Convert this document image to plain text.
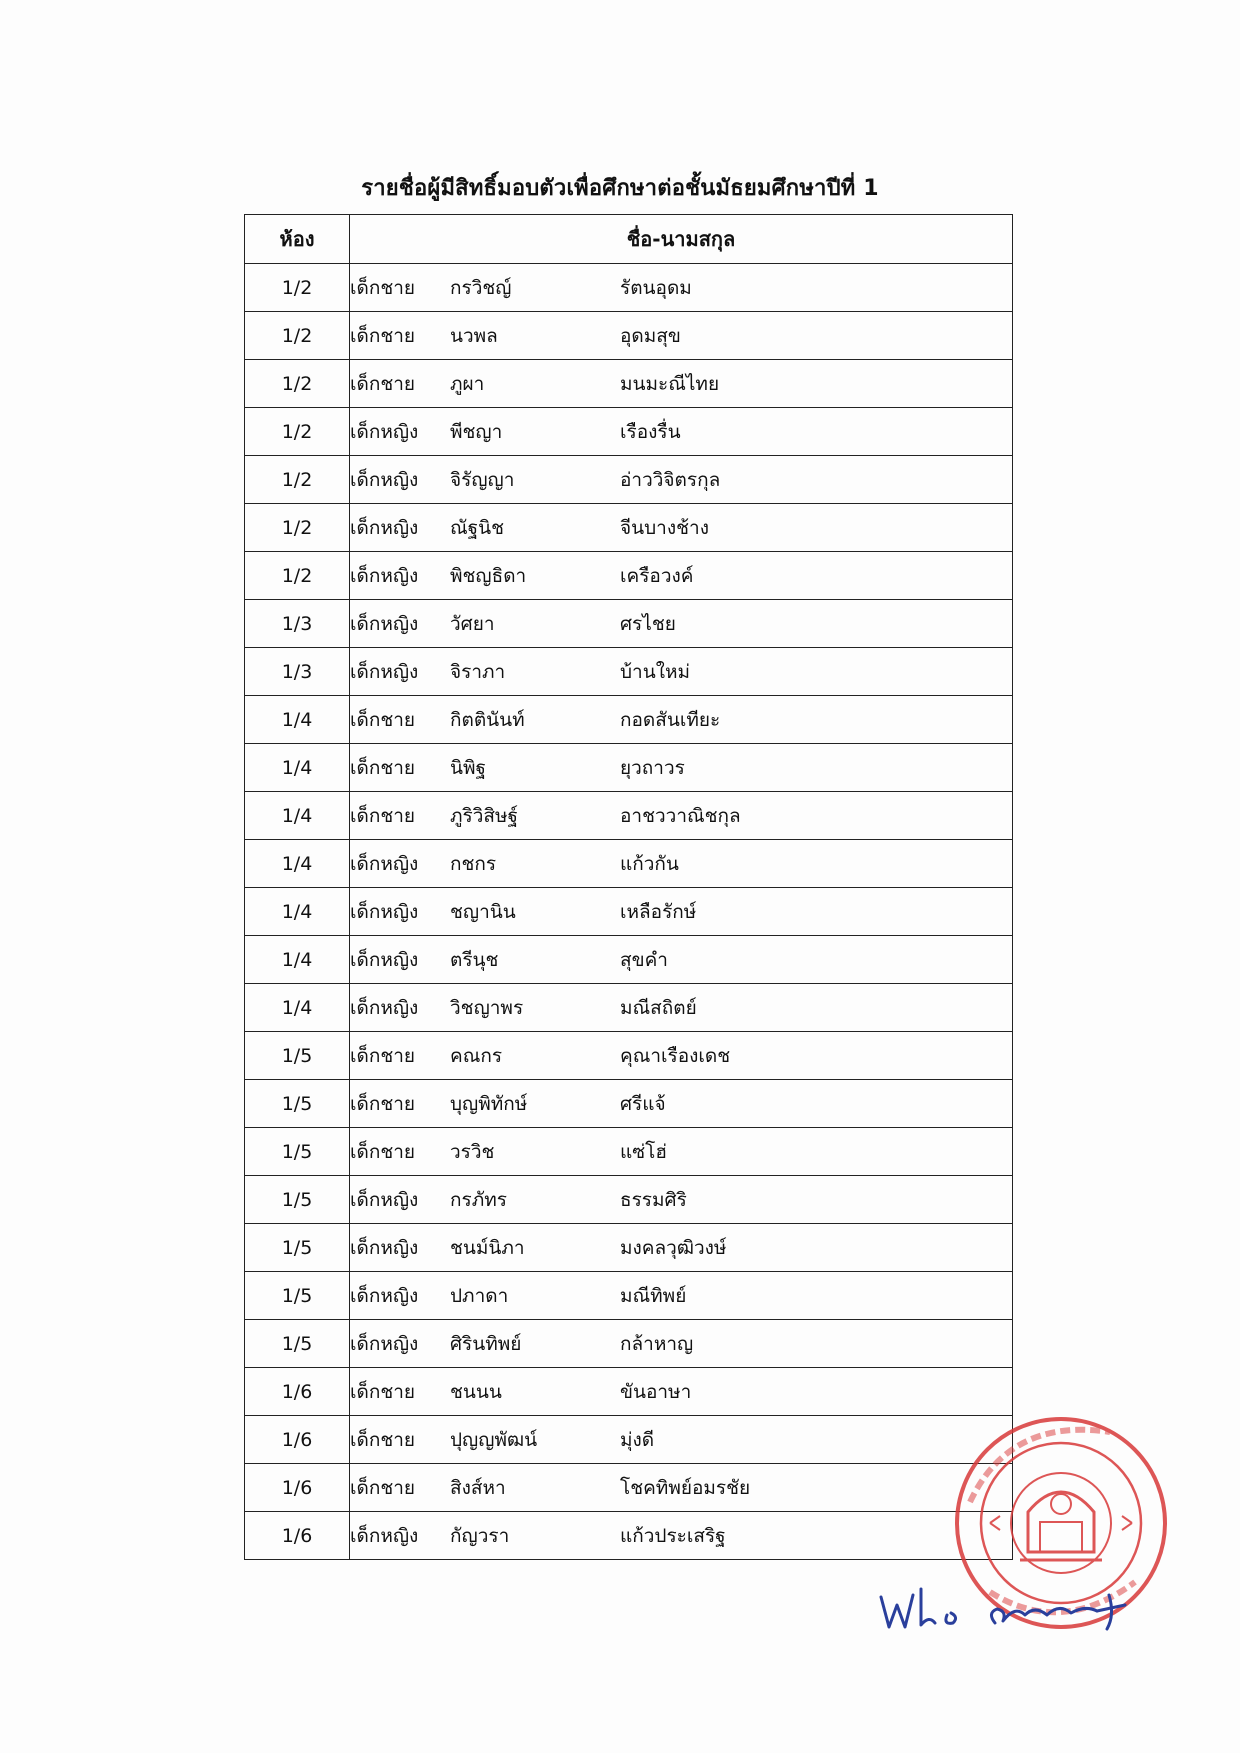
รายชื่อผู้มีสิทธิ์มอบตัวเพื่อศึกษาต่อชั้นมัธยมศึกษาปีที่ 1
ห้อง	ชื่อ-นามสกุล
1/2	เด็กชาย กรวิชญ์ รัตนอุดม
1/2	เด็กชาย นวพล อุดมสุข
1/2	เด็กชาย ภูผา มนมะณีไทย
1/2	เด็กหญิง พีชญา เรืองรื่น
1/2	เด็กหญิง จิรัญญา อ่าววิจิตรกุล
1/2	เด็กหญิง ณัฐนิช จีนบางช้าง
1/2	เด็กหญิง พิชญธิดา เครือวงค์
1/3	เด็กหญิง วัศยา ศรไชย
1/3	เด็กหญิง จิราภา บ้านใหม่
1/4	เด็กชาย กิตตินันท์ กอดสันเทียะ
1/4	เด็กชาย นิพิฐ ยุวถาวร
1/4	เด็กชาย ภูริวิสิษฐ์ อาชววาณิชกุล
1/4	เด็กหญิง กชกร แก้วกัน
1/4	เด็กหญิง ชญานิน เหลือรักษ์
1/4	เด็กหญิง ตรีนุช สุขคำ
1/4	เด็กหญิง วิชญาพร มณีสถิตย์
1/5	เด็กชาย คณกร คุณาเรืองเดช
1/5	เด็กชาย บุญพิทักษ์ ศรีแจ้
1/5	เด็กชาย วรวิช แซ่โฮ่
1/5	เด็กหญิง กรภัทร ธรรมศิริ
1/5	เด็กหญิง ชนม์นิภา มงคลวุฒิวงษ์
1/5	เด็กหญิง ปภาดา มณีทิพย์
1/5	เด็กหญิง ศิรินทิพย์ กล้าหาญ
1/6	เด็กชาย ชนนน ขันอาษา
1/6	เด็กชาย ปุญญพัฒน์ มุ่งดี
1/6	เด็กชาย สิงส์หา โชคทิพย์อมรชัย
1/6	เด็กหญิง กัญวรา แก้วประเสริฐ
